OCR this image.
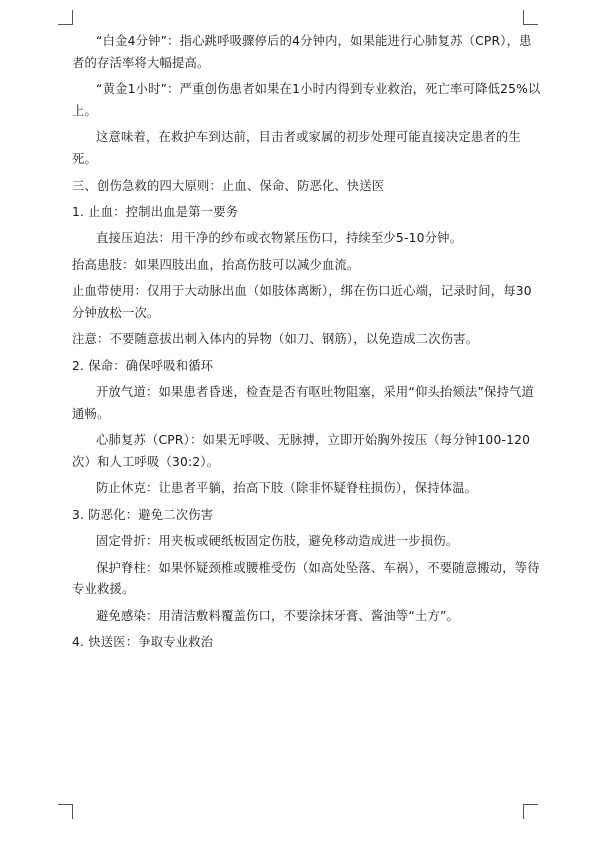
“白金4分钟”：指心跳呼吸骤停后的4分钟内，如果能进行心肺复苏（CPR），患者的存活率将大幅提高。

“黄金1小时”：严重创伤患者如果在1小时内得到专业救治，死亡率可降低25%以上。

这意味着，在救护车到达前，目击者或家属的初步处理可能直接决定患者的生死。

三、创伤急救的四大原则：止血、保命、防恶化、快送医

1. 止血：控制出血是第一要务

直接压迫法：用干净的纱布或衣物紧压伤口，持续至少5-10分钟。

抬高患肢：如果四肢出血，抬高伤肢可以减少血流。

止血带使用：仅用于大动脉出血（如肢体离断），绑在伤口近心端，记录时间，每30分钟放松一次。

注意：不要随意拔出刺入体内的异物（如刀、钢筋），以免造成二次伤害。

2. 保命：确保呼吸和循环

开放气道：如果患者昏迷，检查是否有呕吐物阻塞，采用“仰头抬颏法”保持气道通畅。

心肺复苏（CPR）：如果无呼吸、无脉搏，立即开始胸外按压（每分钟100-120次）和人工呼吸（30:2）。

防止休克：让患者平躺，抬高下肢（除非怀疑脊柱损伤），保持体温。

3. 防恶化：避免二次伤害

固定骨折：用夹板或硬纸板固定伤肢，避免移动造成进一步损伤。

保护脊柱：如果怀疑颈椎或腰椎受伤（如高处坠落、车祸），不要随意搬动，等待专业救援。

避免感染：用清洁敷料覆盖伤口，不要涂抹牙膏、酱油等“土方”。

4. 快送医：争取专业救治
